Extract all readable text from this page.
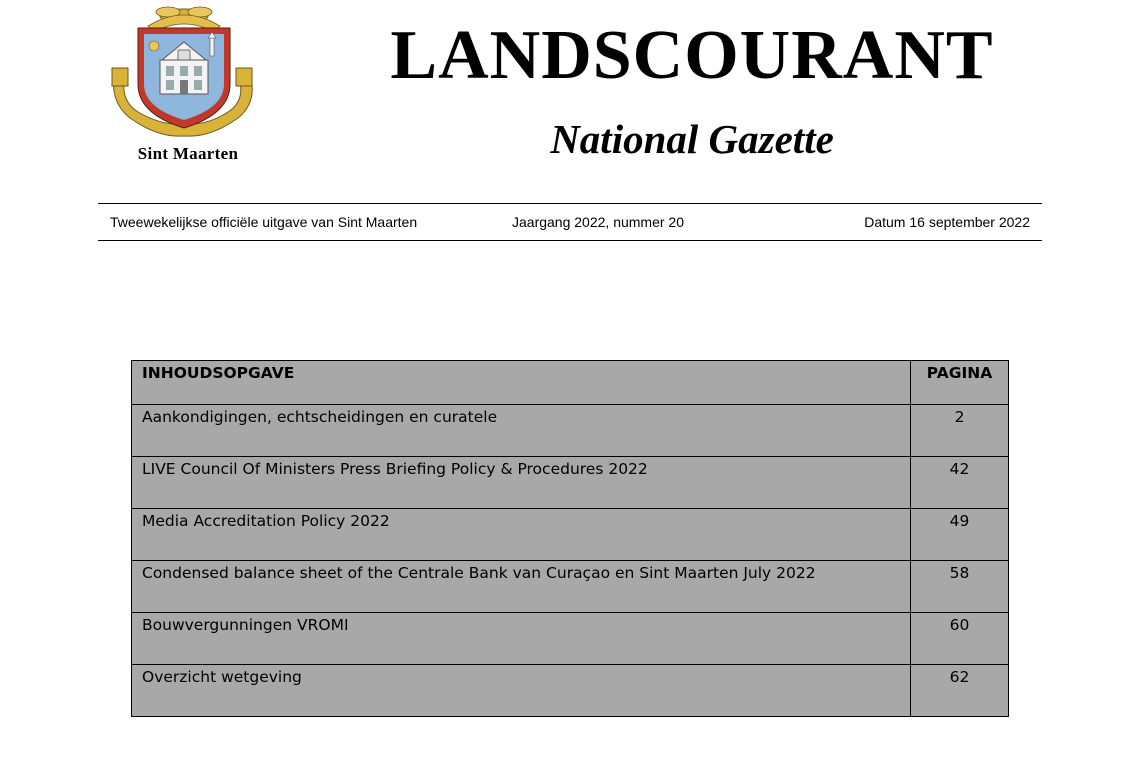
Sint Maarten
LANDSCOURANT
National Gazette
Tweewekelijkse officiële uitgave van Sint Maarten	Jaargang 2022, nummer 20	Datum 16 september 2022
INHOUDSOPGAVE	PAGINA
Aankondigingen, echtscheidingen en curatele	2
LIVE Council Of Ministers Press Briefing Policy & Procedures 2022	42
Media Accreditation Policy 2022	49
Condensed balance sheet of the Centrale Bank van Curaçao en Sint Maarten July 2022	58
Bouwvergunningen VROMI	60
Overzicht wetgeving	62
